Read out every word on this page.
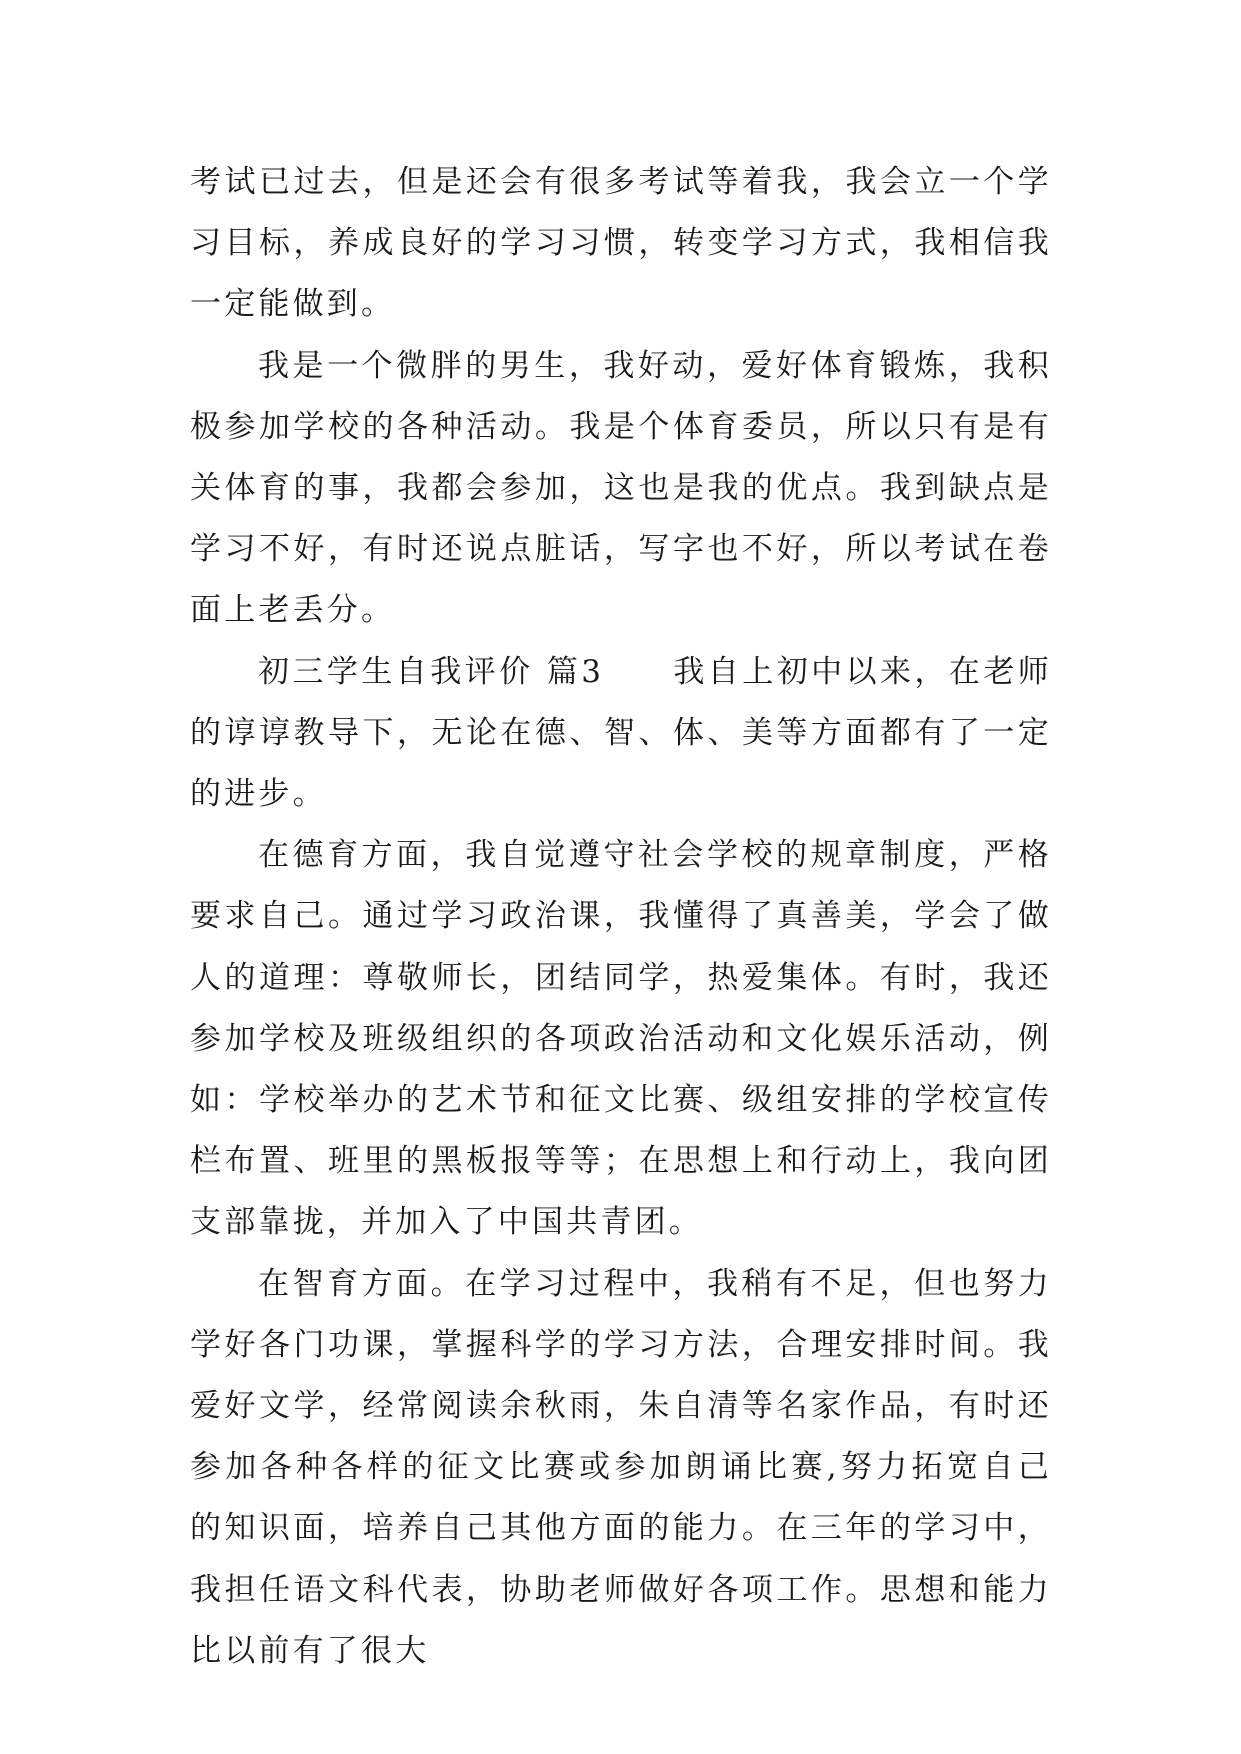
考试已过去，但是还会有很多考试等着我，我会立一个学习目标，养成良好的学习习惯，转变学习方式，我相信我一定能做到。

我是一个微胖的男生，我好动，爱好体育锻炼，我积极参加学校的各种活动。我是个体育委员，所以只有是有关体育的事，我都会参加，这也是我的优点。我到缺点是学习不好，有时还说点脏话，写字也不好，所以考试在卷面上老丢分。

初三学生自我评价 篇3　　我自上初中以来，在老师的谆谆教导下，无论在德、智、体、美等方面都有了一定的进步。

在德育方面，我自觉遵守社会学校的规章制度，严格要求自己。通过学习政治课，我懂得了真善美，学会了做人的道理：尊敬师长，团结同学，热爱集体。有时，我还参加学校及班级组织的各项政治活动和文化娱乐活动，例如：学校举办的艺术节和征文比赛、级组安排的学校宣传栏布置、班里的黑板报等等；在思想上和行动上，我向团支部靠拢，并加入了中国共青团。

在智育方面。在学习过程中，我稍有不足，但也努力学好各门功课，掌握科学的学习方法，合理安排时间。我爱好文学，经常阅读余秋雨，朱自清等名家作品，有时还参加各种各样的征文比赛或参加朗诵比赛,努力拓宽自己的知识面，培养自己其他方面的能力。在三年的学习中，我担任语文科代表，协助老师做好各项工作。思想和能力比以前有了很大
